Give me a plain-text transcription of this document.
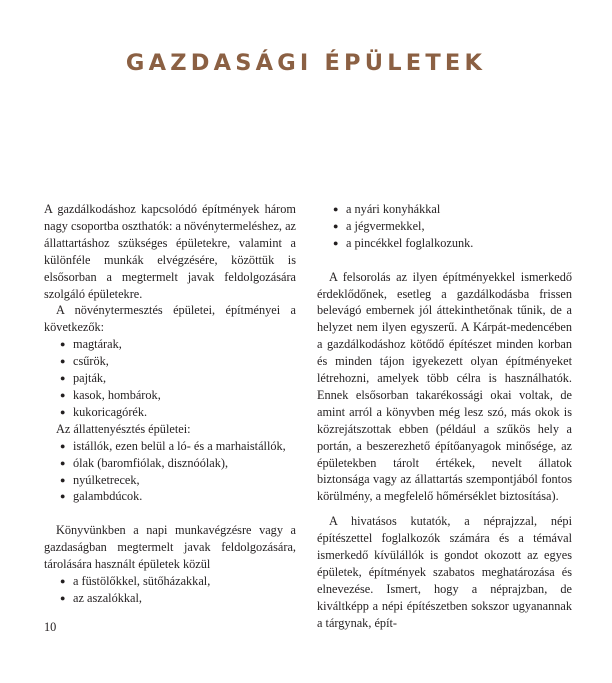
GAZDASÁGI ÉPÜLETEK

A gazdálkodáshoz kapcsolódó építmények három nagy csoportba oszthatók: a növénytermeléshez, az állattartáshoz szükséges épületekre, valamint a különféle munkák elvégzésére, közöttük is elsősorban a megtermelt javak feldolgozására szolgáló épületekre.

A növénytermesztés épületei, építményei a következők:

● magtárak,
● csűrök,
● pajták,
● kasok, hombárok,
● kukoricagórék.

Az állattenyésztés épületei:

● istállók, ezen belül a ló- és a marhaistállók,
● ólak (baromfiólak, disznóólak),
● nyúlketrecek,
● galambdúcok.

Könyvünkben a napi munkavégzésre vagy a gazdaságban megtermelt javak feldolgozására, tárolására használt épületek közül

● a füstölőkkel, sütőházakkal,
● az aszalókkal,
● a nyári konyhákkal
● a jégvermekkel,
● a pincékkel foglalkozunk.

A felsorolás az ilyen építményekkel ismerkedő érdeklődőnek, esetleg a gazdálkodásba frissen belevágó embernek jól áttekinthetőnak tűnik, de a helyzet nem ilyen egyszerű. A Kárpát-medencében a gazdálkodáshoz kötődő építészet minden korban és minden tájon igyekezett olyan építményeket létrehozni, amelyek több célra is használhatók. Ennek elsősorban takarékossági okai voltak, de amint arról a könyvben még lesz szó, más okok is közrejátszottak ebben (például a szűkös hely a portán, a beszerezhető építőanyagok minősége, az épületekben tárolt értékek, nevelt állatok biztonsága vagy az állattartás szempontjából fontos körülmény, a megfelelő hőmérséklet biztosítása).

A hivatásos kutatók, a néprajzzal, népi építészettel foglalkozók számára és a témával ismerkedő kívülállók is gondot okozott az egyes épületek, építmények szabatos meghatározása és elnevezése. Ismert, hogy a néprajzban, de kiváltképp a népi építészetben sokszor ugyanannak a tárgynak, épít-

10
